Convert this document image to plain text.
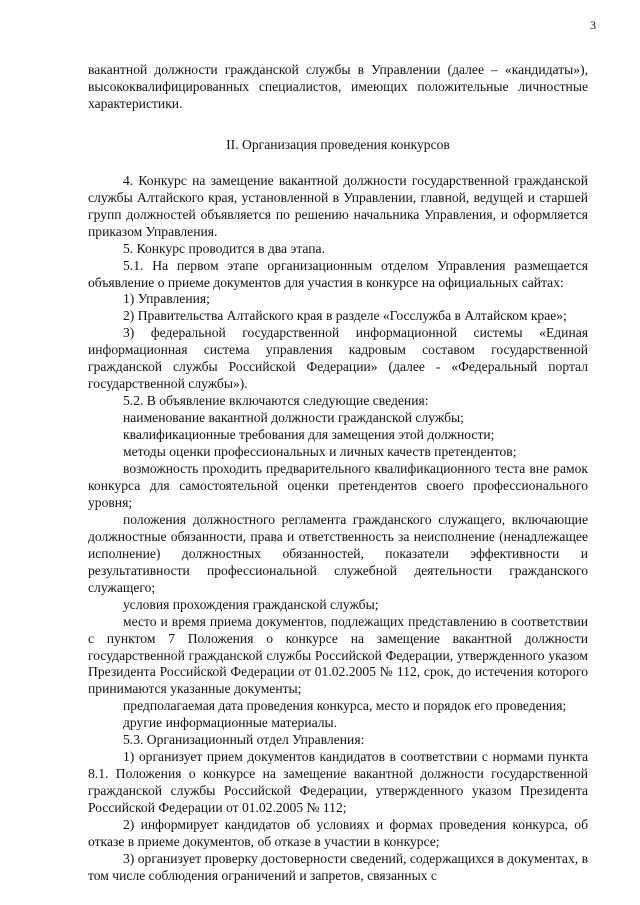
3

вакантной должности гражданской службы в Управлении (далее – «кандидаты»), высококвалифицированных специалистов, имеющих положительные личностные характеристики.

II. Организация проведения конкурсов

4. Конкурс на замещение вакантной должности государственной гражданской службы Алтайского края, установленной в Управлении, главной, ведущей и старшей групп должностей объявляется по решению начальника Управления, и оформляется приказом Управления.

5. Конкурс проводится в два этапа.

5.1. На первом этапе организационным отделом Управления размещается объявление о приеме документов для участия в конкурсе на официальных сайтах:

1) Управления;

2) Правительства Алтайского края в разделе «Госслужба в Алтайском крае»;

3) федеральной государственной информационной системы «Единая информационная система управления кадровым составом государственной гражданской службы Российской Федерации» (далее - «Федеральный портал государственной службы»).

5.2. В объявление включаются следующие сведения:

наименование вакантной должности гражданской службы;

квалификационные требования для замещения этой должности;

методы оценки профессиональных и личных качеств претендентов;

возможность проходить предварительного квалификационного теста вне рамок конкурса для самостоятельной оценки претендентов своего профессионального уровня;

положения должностного регламента гражданского служащего, включающие должностные обязанности, права и ответственность за неисполнение (ненадлежащее исполнение) должностных обязанностей, показатели эффективности и результативности профессиональной служебной деятельности гражданского служащего;

условия прохождения гражданской службы;

место и время приема документов, подлежащих представлению в соответствии с пунктом 7 Положения о конкурсе на замещение вакантной должности государственной гражданской службы Российской Федерации, утвержденного указом Президента Российской Федерации от 01.02.2005 № 112, срок, до истечения которого принимаются указанные документы;

предполагаемая дата проведения конкурса, место и порядок его проведения;

другие информационные материалы.

5.3. Организационный отдел Управления:

1) организует прием документов кандидатов в соответствии с нормами пункта 8.1. Положения о конкурсе на замещение вакантной должности государственной гражданской службы Российской Федерации, утвержденного указом Президента Российской Федерации от 01.02.2005 № 112;

2) информирует кандидатов об условиях и формах проведения конкурса, об отказе в приеме документов, об отказе в участии в конкурсе;

3) организует проверку достоверности сведений, содержащихся в документах, в том числе соблюдения ограничений и запретов, связанных с
